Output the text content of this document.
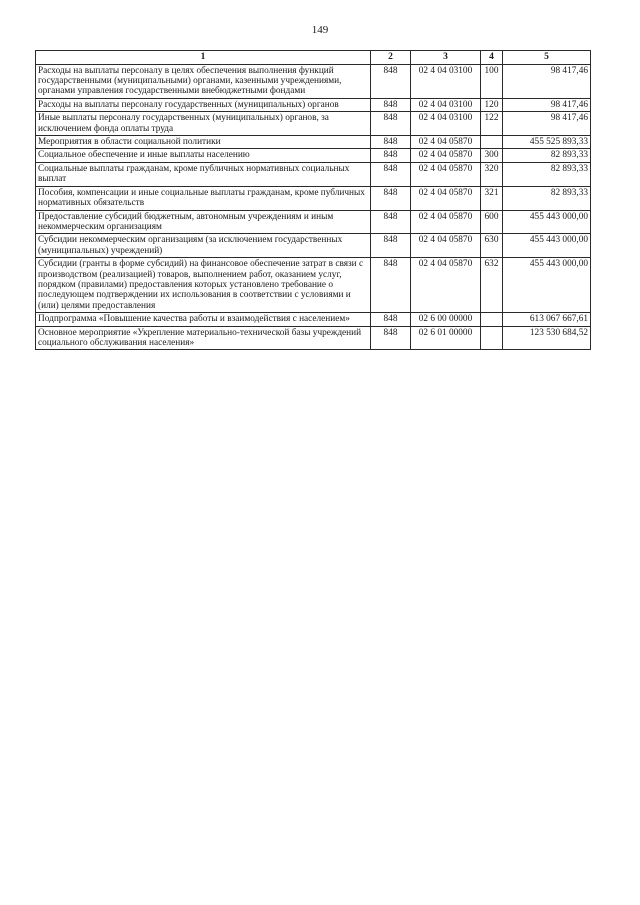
149
1	2	3	4	5
Расходы на выплаты персоналу в целях обеспечения выполнения функций государственными (муниципальными) органами, казенными учреждениями, органами управления государственными внебюджетными фондами	848	02 4 04 03100	100	98 417,46
Расходы на выплаты персоналу государственных (муниципальных) органов	848	02 4 04 03100	120	98 417,46
Иные выплаты персоналу государственных (муниципальных) органов, за исключением фонда оплаты труда	848	02 4 04 03100	122	98 417,46
Мероприятия в области социальной политики	848	02 4 04 05870		455 525 893,33
Социальное обеспечение и иные выплаты населению	848	02 4 04 05870	300	82 893,33
Социальные выплаты гражданам, кроме публичных нормативных социальных выплат	848	02 4 04 05870	320	82 893,33
Пособия, компенсации и иные социальные выплаты гражданам, кроме публичных нормативных обязательств	848	02 4 04 05870	321	82 893,33
Предоставление субсидий бюджетным, автономным учреждениям и иным некоммерческим организациям	848	02 4 04 05870	600	455 443 000,00
Субсидии некоммерческим организациям (за исключением государственных (муниципальных) учреждений)	848	02 4 04 05870	630	455 443 000,00
Субсидии (гранты в форме субсидий) на финансовое обеспечение затрат в связи с производством (реализацией) товаров, выполнением работ, оказанием услуг, порядком (правилами) предоставления которых установлено требование о последующем подтверждении их использования в соответствии с условиями и (или) целями предоставления	848	02 4 04 05870	632	455 443 000,00
Подпрограмма «Повышение качества работы и взаимодействия с населением»	848	02 6 00 00000		613 067 667,61
Основное мероприятие «Укрепление материально-технической базы учреждений социального обслуживания населения»	848	02 6 01 00000		123 530 684,52
